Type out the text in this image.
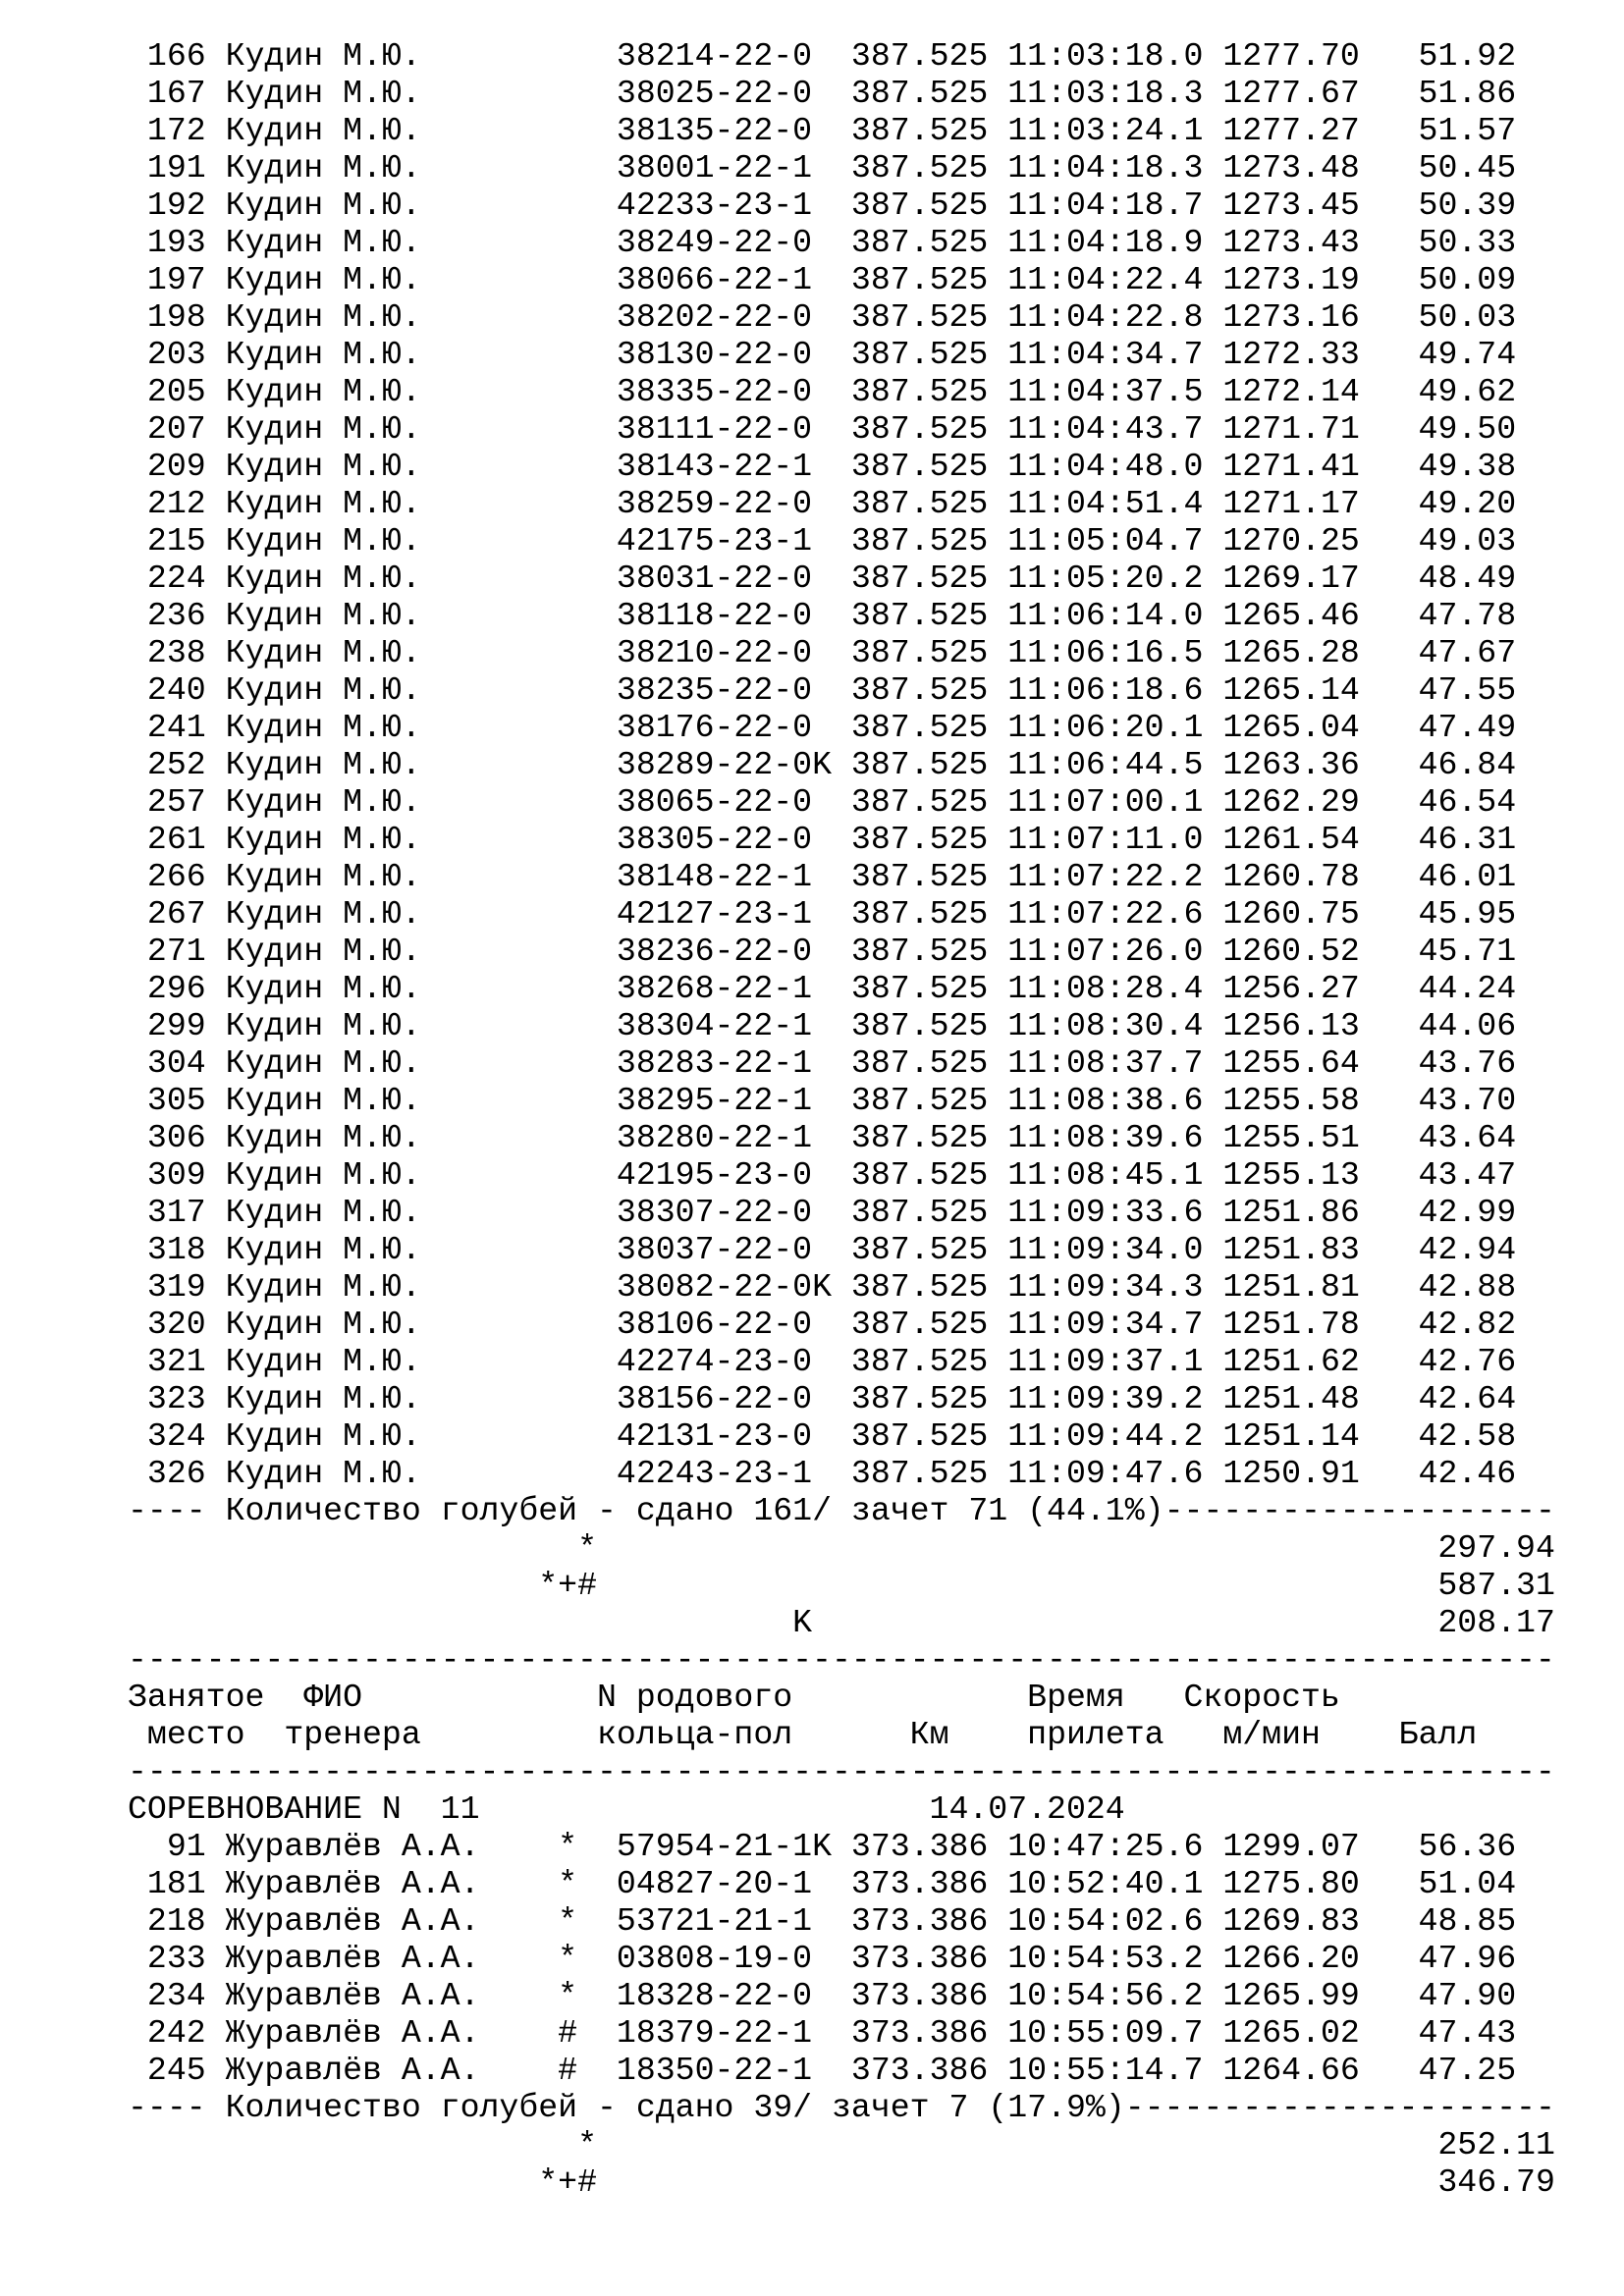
166 Кудин М.Ю.          38214-22-0  387.525 11:03:18.0 1277.70   51.92
167 Кудин М.Ю.          38025-22-0  387.525 11:03:18.3 1277.67   51.86
172 Кудин М.Ю.          38135-22-0  387.525 11:03:24.1 1277.27   51.57
191 Кудин М.Ю.          38001-22-1  387.525 11:04:18.3 1273.48   50.45
192 Кудин М.Ю.          42233-23-1  387.525 11:04:18.7 1273.45   50.39
193 Кудин М.Ю.          38249-22-0  387.525 11:04:18.9 1273.43   50.33
197 Кудин М.Ю.          38066-22-1  387.525 11:04:22.4 1273.19   50.09
198 Кудин М.Ю.          38202-22-0  387.525 11:04:22.8 1273.16   50.03
203 Кудин М.Ю.          38130-22-0  387.525 11:04:34.7 1272.33   49.74
205 Кудин М.Ю.          38335-22-0  387.525 11:04:37.5 1272.14   49.62
207 Кудин М.Ю.          38111-22-0  387.525 11:04:43.7 1271.71   49.50
209 Кудин М.Ю.          38143-22-1  387.525 11:04:48.0 1271.41   49.38
212 Кудин М.Ю.          38259-22-0  387.525 11:04:51.4 1271.17   49.20
215 Кудин М.Ю.          42175-23-1  387.525 11:05:04.7 1270.25   49.03
224 Кудин М.Ю.          38031-22-0  387.525 11:05:20.2 1269.17   48.49
236 Кудин М.Ю.          38118-22-0  387.525 11:06:14.0 1265.46   47.78
238 Кудин М.Ю.          38210-22-0  387.525 11:06:16.5 1265.28   47.67
240 Кудин М.Ю.          38235-22-0  387.525 11:06:18.6 1265.14   47.55
241 Кудин М.Ю.          38176-22-0  387.525 11:06:20.1 1265.04   47.49
252 Кудин М.Ю.          38289-22-0K 387.525 11:06:44.5 1263.36   46.84
257 Кудин М.Ю.          38065-22-0  387.525 11:07:00.1 1262.29   46.54
261 Кудин М.Ю.          38305-22-0  387.525 11:07:11.0 1261.54   46.31
266 Кудин М.Ю.          38148-22-1  387.525 11:07:22.2 1260.78   46.01
267 Кудин М.Ю.          42127-23-1  387.525 11:07:22.6 1260.75   45.95
271 Кудин М.Ю.          38236-22-0  387.525 11:07:26.0 1260.52   45.71
296 Кудин М.Ю.          38268-22-1  387.525 11:08:28.4 1256.27   44.24
299 Кудин М.Ю.          38304-22-1  387.525 11:08:30.4 1256.13   44.06
304 Кудин М.Ю.          38283-22-1  387.525 11:08:37.7 1255.64   43.76
305 Кудин М.Ю.          38295-22-1  387.525 11:08:38.6 1255.58   43.70
306 Кудин М.Ю.          38280-22-1  387.525 11:08:39.6 1255.51   43.64
309 Кудин М.Ю.          42195-23-0  387.525 11:08:45.1 1255.13   43.47
317 Кудин М.Ю.          38307-22-0  387.525 11:09:33.6 1251.86   42.99
318 Кудин М.Ю.          38037-22-0  387.525 11:09:34.0 1251.83   42.94
319 Кудин М.Ю.          38082-22-0K 387.525 11:09:34.3 1251.81   42.88
320 Кудин М.Ю.          38106-22-0  387.525 11:09:34.7 1251.78   42.82
321 Кудин М.Ю.          42274-23-0  387.525 11:09:37.1 1251.62   42.76
323 Кудин М.Ю.          38156-22-0  387.525 11:09:39.2 1251.48   42.64
324 Кудин М.Ю.          42131-23-0  387.525 11:09:44.2 1251.14   42.58
326 Кудин М.Ю.          42243-23-1  387.525 11:09:47.6 1250.91   42.46
---- Количество голубей - сдано 161/ зачет 71 (44.1%)--------------------
*	297.94
*+#	587.31
K	208.17
-------------------------------------------------------------------------
Занятое  ФИО            N родового            Время   Скорость
место  тренера         кольца-пол      Км    прилета   м/мин    Балл
-------------------------------------------------------------------------
СОРЕВНОВАНИЕ N  11                       14.07.2024
91 Журавлёв А.А.    *  57954-21-1K 373.386 10:47:25.6 1299.07   56.36
181 Журавлёв А.А.    *  04827-20-1  373.386 10:52:40.1 1275.80   51.04
218 Журавлёв А.А.    *  53721-21-1  373.386 10:54:02.6 1269.83   48.85
233 Журавлёв А.А.    *  03808-19-0  373.386 10:54:53.2 1266.20   47.96
234 Журавлёв А.А.    *  18328-22-0  373.386 10:54:56.2 1265.99   47.90
242 Журавлёв А.А.    #  18379-22-1  373.386 10:55:09.7 1265.02   47.43
245 Журавлёв А.А.    #  18350-22-1  373.386 10:55:14.7 1264.66   47.25
---- Количество голубей - сдано 39/ зачет 7 (17.9%)----------------------
*	252.11
*+#	346.79
